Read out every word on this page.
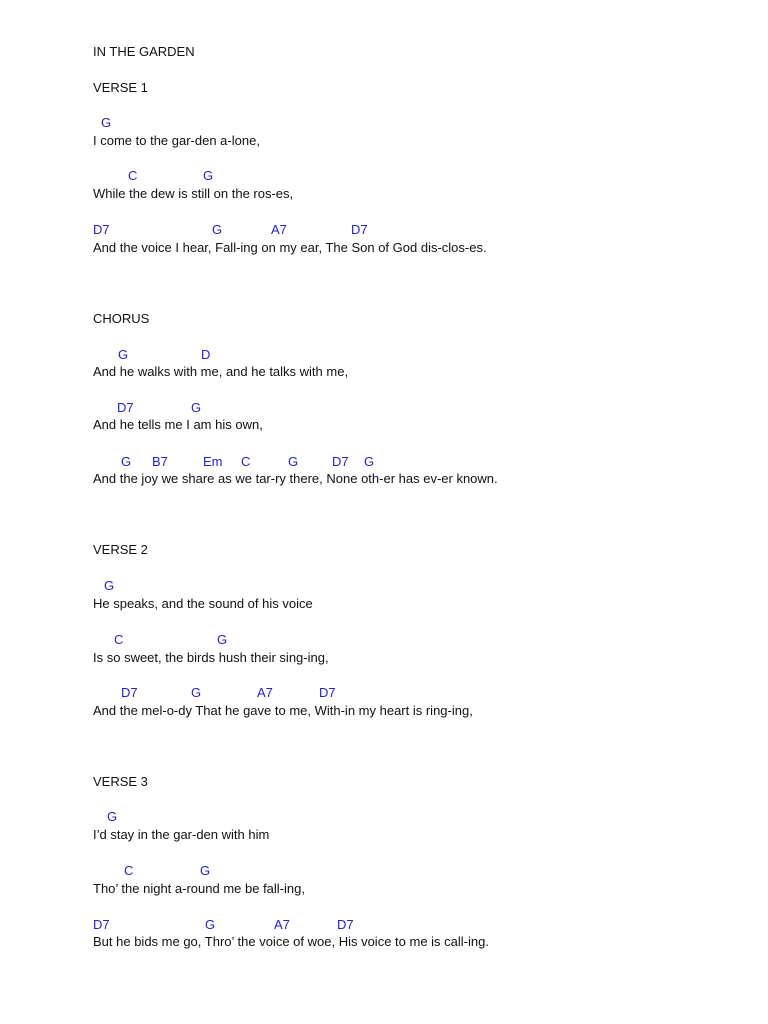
IN THE GARDEN
VERSE 1
G
I come to the gar-den a-lone,
C	G
While the dew is still on the ros-es,
D7	G	A7	D7
And the voice I hear, Fall-ing on my ear, The Son of God dis-clos-es.
CHORUS
G	D
And he walks with me, and he talks with me,
D7	G
And he tells me I am his own,
G B7	Em C	G	D7 G
And the joy we share as we tar-ry there, None oth-er has ev-er known.
VERSE 2
G
He speaks, and the sound of his voice
C	G
Is so sweet, the birds hush their sing-ing,
D7	G	A7	D7
And the mel-o-dy That he gave to me, With-in my heart is ring-ing,
VERSE 3
G
I’d stay in the gar-den with him
C	G
Tho’ the night a-round me be fall-ing,
D7	G	A7	D7
But he bids me go, Thro’ the voice of woe, His voice to me is call-ing.
